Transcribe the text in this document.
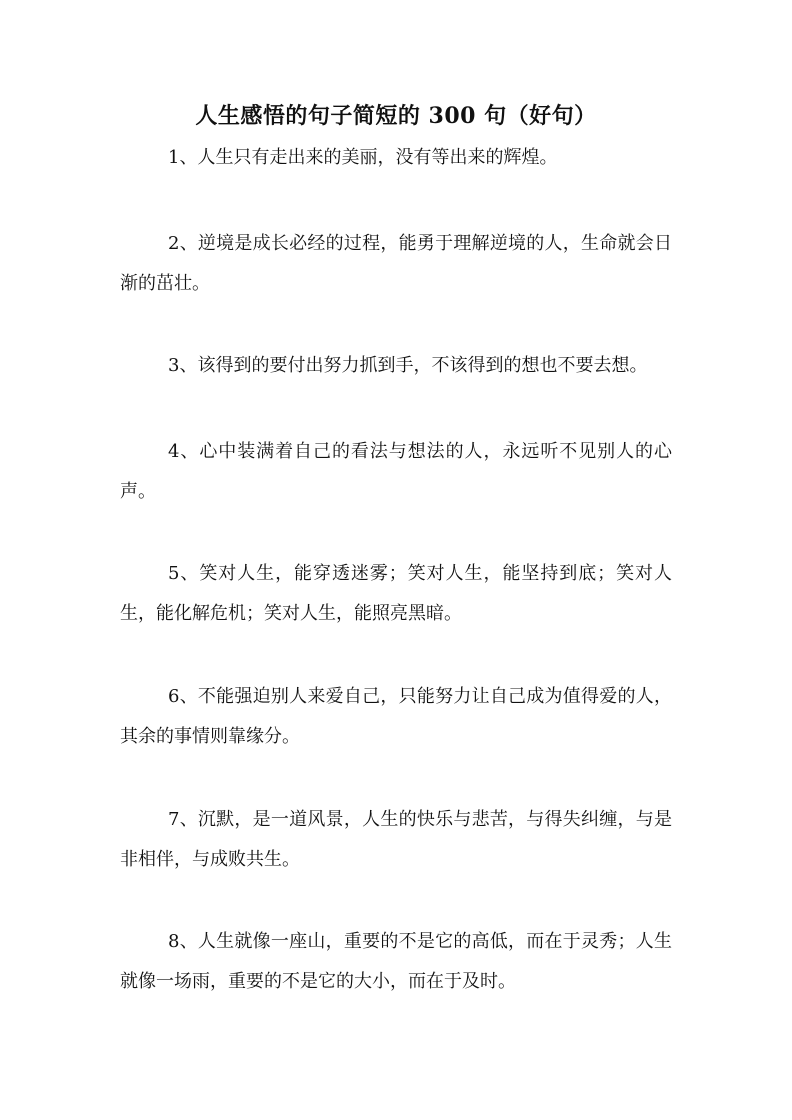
人生感悟的句子简短的 300 句（好句）

1、人生只有走出来的美丽，没有等出来的辉煌。

2、逆境是成长必经的过程，能勇于理解逆境的人，生命就会日渐的茁壮。

3、该得到的要付出努力抓到手，不该得到的想也不要去想。

4、心中装满着自己的看法与想法的人，永远听不见别人的心声。

5、笑对人生，能穿透迷雾；笑对人生，能坚持到底；笑对人生，能化解危机；笑对人生，能照亮黑暗。

6、不能强迫别人来爱自己，只能努力让自己成为值得爱的人，其余的事情则靠缘分。

7、沉默，是一道风景，人生的快乐与悲苦，与得失纠缠，与是非相伴，与成败共生。

8、人生就像一座山，重要的不是它的高低，而在于灵秀；人生就像一场雨，重要的不是它的大小，而在于及时。
